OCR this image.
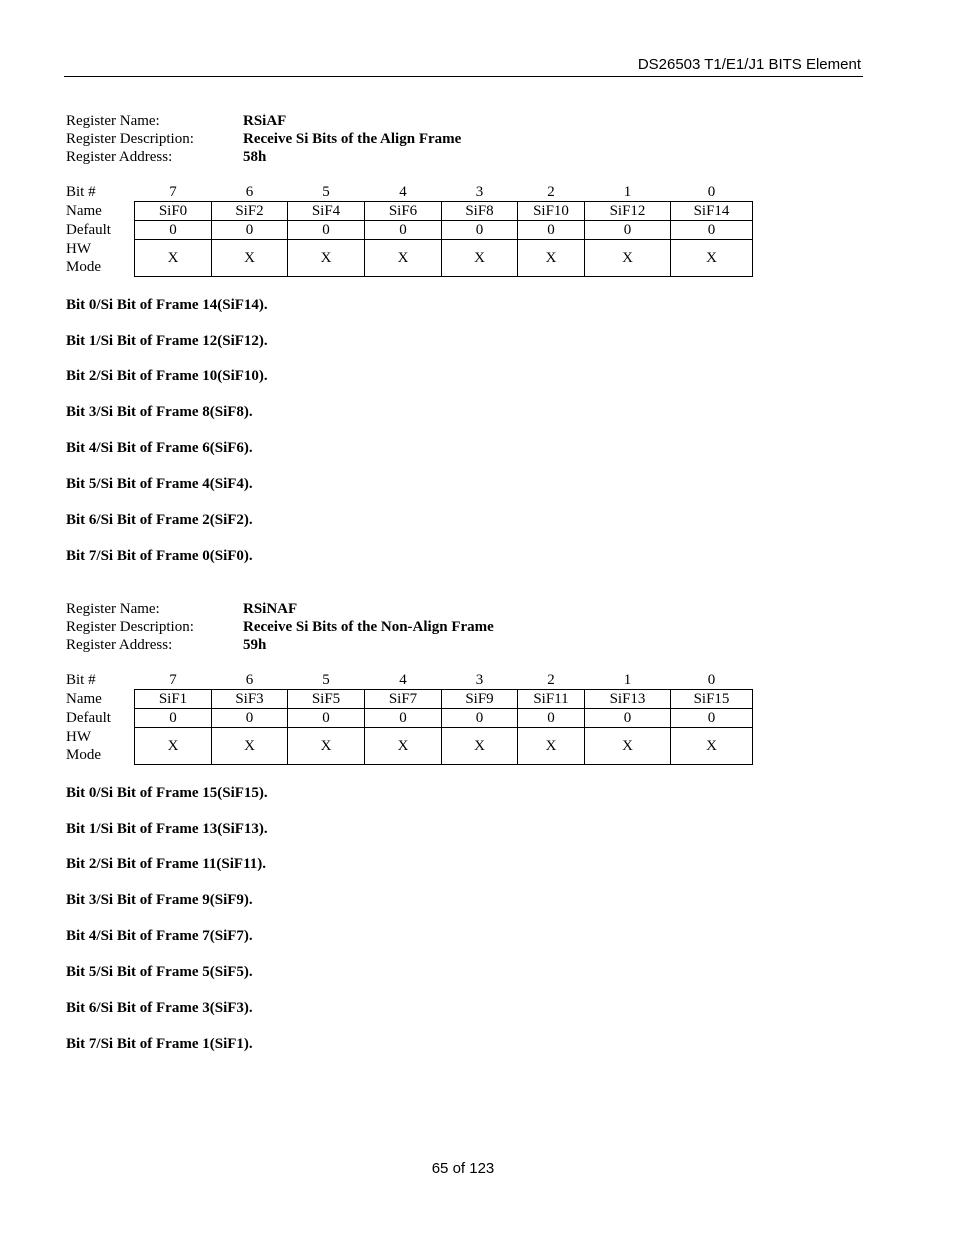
DS26503 T1/E1/J1 BITS Element
Register Name:	RSiAF
Register Description:	Receive Si Bits of the Align Frame
Register Address:	58h
Bit #	7	6	5	4	3	2	1	0
Name	SiF0	SiF2	SiF4	SiF6	SiF8	SiF10	SiF12	SiF14
Default	0	0	0	0	0	0	0	0

HW
Mode	X	X	X	X	X	X	X	X
Bit 0/Si Bit of Frame 14(SiF14).
Bit 1/Si Bit of Frame 12(SiF12).
Bit 2/Si Bit of Frame 10(SiF10).
Bit 3/Si Bit of Frame 8(SiF8).
Bit 4/Si Bit of Frame 6(SiF6).
Bit 5/Si Bit of Frame 4(SiF4).
Bit 6/Si Bit of Frame 2(SiF2).
Bit 7/Si Bit of Frame 0(SiF0).
Register Name:	RSiNAF
Register Description:	Receive Si Bits of the Non-Align Frame
Register Address:	59h
Bit #	7	6	5	4	3	2	1	0
Name	SiF1	SiF3	SiF5	SiF7	SiF9	SiF11	SiF13	SiF15
Default	0	0	0	0	0	0	0	0

HW
Mode	X	X	X	X	X	X	X	X
Bit 0/Si Bit of Frame 15(SiF15).
Bit 1/Si Bit of Frame 13(SiF13).
Bit 2/Si Bit of Frame 11(SiF11).
Bit 3/Si Bit of Frame 9(SiF9).
Bit 4/Si Bit of Frame 7(SiF7).
Bit 5/Si Bit of Frame 5(SiF5).
Bit 6/Si Bit of Frame 3(SiF3).
Bit 7/Si Bit of Frame 1(SiF1).
65 of 123
